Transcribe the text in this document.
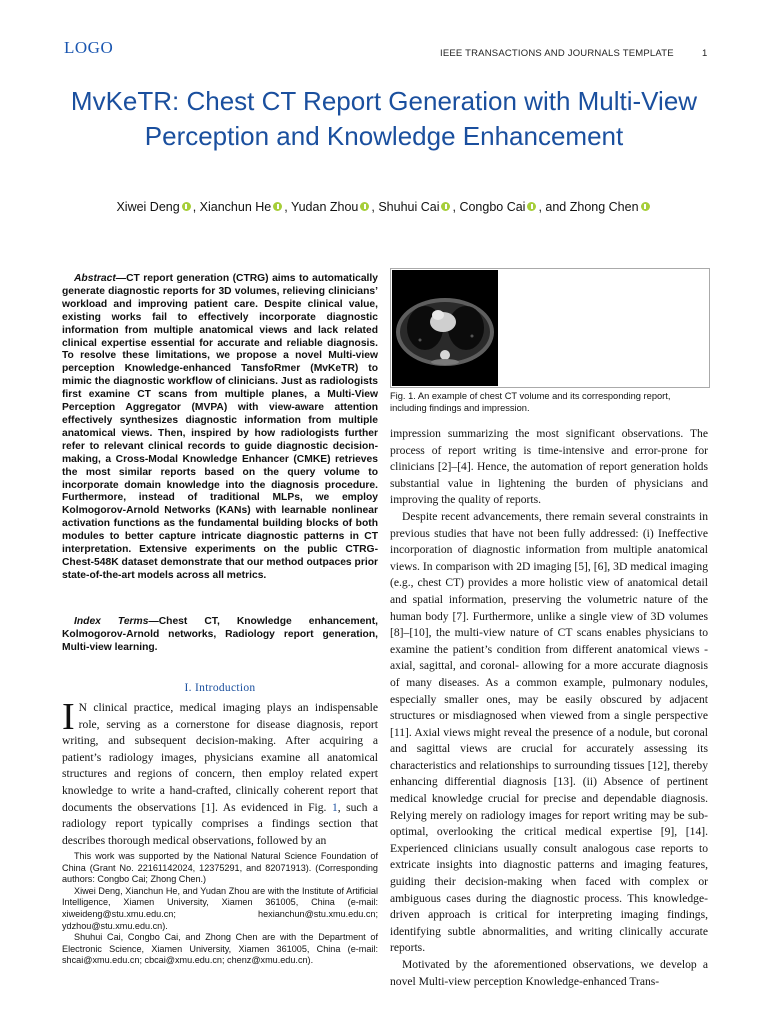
LOGO	IEEE TRANSACTIONS AND JOURNALS TEMPLATE	1
MvKeTR: Chest CT Report Generation with Multi-View Perception and Knowledge Enhancement
Xiwei Deng , Xianchun He , Yudan Zhou , Shuhui Cai , Congbo Cai , and Zhong Chen
Abstract—CT report generation (CTRG) aims to automatically generate diagnostic reports for 3D volumes, relieving clinicians’ workload and improving patient care. Despite clinical value, existing works fail to effectively incorporate diagnostic information from multiple anatomical views and lack related clinical expertise essential for accurate and reliable diagnosis. To resolve these limitations, we propose a novel Multi-view perception Knowledge-enhanced TansfoRmer (MvKeTR) to mimic the diagnostic workflow of clinicians. Just as radiologists first examine CT scans from multiple planes, a Multi-View Perception Aggregator (MVPA) with view-aware attention effectively synthesizes diagnostic information from multiple anatomical views. Then, inspired by how radiologists further refer to relevant clinical records to guide diagnostic decision-making, a Cross-Modal Knowledge Enhancer (CMKE) retrieves the most similar reports based on the query volume to incorporate domain knowledge into the diagnosis procedure. Furthermore, instead of traditional MLPs, we employ Kolmogorov-Arnold Networks (KANs) with learnable nonlinear activation functions as the fundamental building blocks of both modules to better capture intricate diagnostic patterns in CT interpretation. Extensive experiments on the public CTRG-Chest-548K dataset demonstrate that our method outpaces prior state-of-the-art models across all metrics.
Index Terms—Chest CT, Knowledge enhancement, Kolmogorov-Arnold networks, Radiology report generation, Multi-view learning.
I. Introduction
I N clinical practice, medical imaging plays an indispensable role, serving as a cornerstone for disease diagnosis, report writing, and subsequent decision-making. After acquiring a patient’s radiology images, physicians examine all anatomical structures and regions of concern, then employ related expert knowledge to write a hand-crafted, clinically coherent report that documents the observations [1]. As evidenced in Fig. 1, such a radiology report typically comprises a findings section that describes thorough medical observations, followed by an

This work was supported by the National Natural Science Foundation of China (Grant No. 22161142024, 12375291, and 82071913). (Corresponding authors: Congbo Cai; Zhong Chen.)

Xiwei Deng, Xianchun He, and Yudan Zhou are with the Institute of Artificial Intelligence, Xiamen University, Xiamen 361005, China (e-mail: xiweideng@stu.xmu.edu.cn; hexianchun@stu.xmu.edu.cn; ydzhou@stu.xmu.edu.cn).

Shuhui Cai, Congbo Cai, and Zhong Chen are with the Department of Electronic Science, Xiamen University, Xiamen 361005, China (e-mail: shcai@xmu.edu.cn; cbcai@xmu.edu.cn; chenz@xmu.edu.cn).

Fig. 1. An example of chest CT volume and its corresponding report, including findings and impression.

impression summarizing the most significant observations. The process of report writing is time-intensive and error-prone for clinicians [2]–[4]. Hence, the automation of report generation holds substantial value in lightening the burden of physicians and improving the quality of reports.

Despite recent advancements, there remain several constraints in previous studies that have not been fully addressed: (i) Ineffective incorporation of diagnostic information from multiple anatomical views. In comparison with 2D imaging [5], [6], 3D medical imaging (e.g., chest CT) provides a more holistic view of anatomical detail and spatial information, preserving the volumetric nature of the human body [7]. Furthermore, unlike a single view of 3D volumes [8]–[10], the multi-view nature of CT scans enables physicians to examine the patient’s condition from different anatomical views - axial, sagittal, and coronal- allowing for a more accurate diagnosis of many diseases. As a common example, pulmonary nodules, especially smaller ones, may be easily obscured by adjacent structures or misdiagnosed when viewed from a single perspective [11]. Axial views might reveal the presence of a nodule, but coronal and sagittal views are crucial for accurately assessing its characteristics and relationships to surrounding tissues [12], thereby enhancing differential diagnosis [13]. (ii) Absence of pertinent medical knowledge crucial for precise and dependable diagnosis. Relying merely on radiology images for report writing may be sub-optimal, overlooking the critical medical expertise [9], [14]. Experienced clinicians usually consult analogous case reports to extricate insights into diagnostic patterns and imaging features, guiding their decision-making when faced with complex or ambiguous cases during the diagnostic process. This knowledge-driven approach is critical for interpreting imaging findings, identifying subtle abnormalities, and writing clinically accurate reports.

Motivated by the aforementioned observations, we develop a novel Multi-view perception Knowledge-enhanced Trans-
